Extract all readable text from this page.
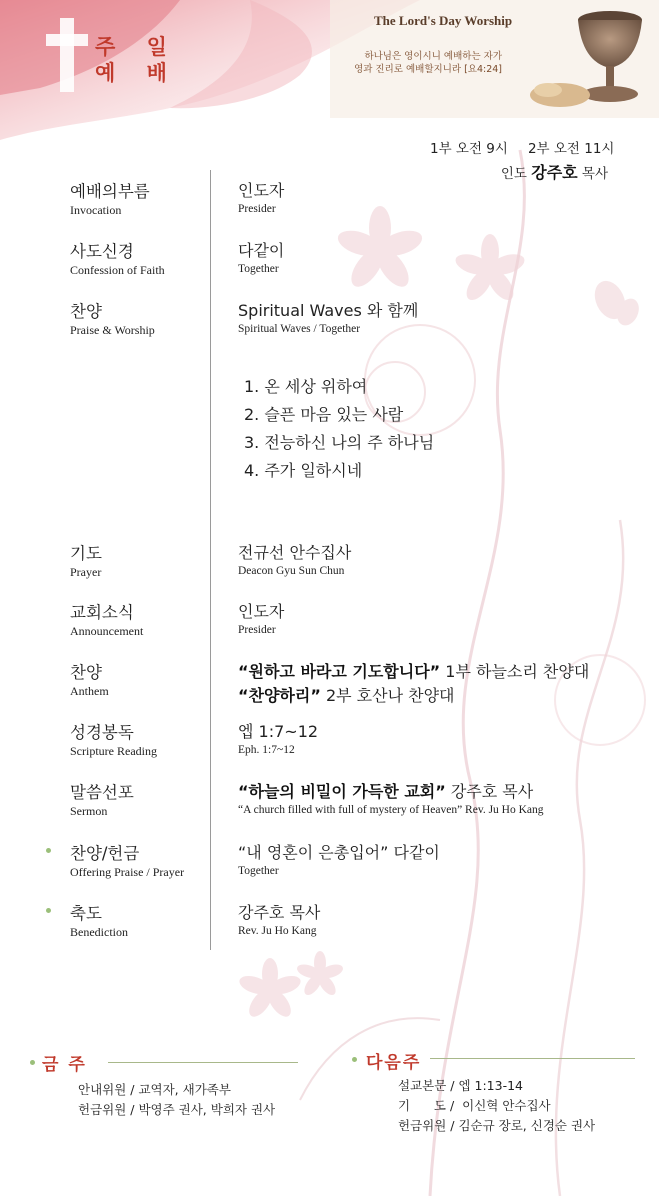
주 일
예 배
The Lord's Day Worship
하나님은 영이시니 예배하는 자가
영과 진리로 예배할지니라 [요4:24]
1부 오전 9시 2부 오전 11시
인도 강주호 목사
예배의부름
Invocation
인도자
Presider
사도신경
Confession of Faith
다같이
Together
찬양
Praise & Worship
Spiritual Waves 와 함께
Spiritual Waves / Together
1. 온 세상 위하여
2. 슬픈 마음 있는 사람
3. 전능하신 나의 주 하나님
4. 주가 일하시네
기도
Prayer
전규선 안수집사
Deacon Gyu Sun Chun
교회소식
Announcement
인도자
Presider
찬양
Anthem
“원하고 바라고 기도합니다” 1부 하늘소리 찬양대
“찬양하리” 2부 호산나 찬양대
성경봉독
Scripture Reading
엡 1:7~12
Eph. 1:7~12
말씀선포
Sermon
“하늘의 비밀이 가득한 교회” 강주호 목사
“A church filled with full of mystery of Heaven” Rev. Ju Ho Kang
찬양/헌금
Offering Praise / Prayer
“내 영혼이 은총입어” 다같이
Together
축도
Benediction
강주호 목사
Rev. Ju Ho Kang
금 주
안내위원 / 교역자, 새가족부
헌금위원 / 박영주 권사, 박희자 권사
다음주
설교본문 / 엡 1:13-14
기      도 /  이신혁 안수집사
헌금위원 / 김순규 장로, 신경순 권사
